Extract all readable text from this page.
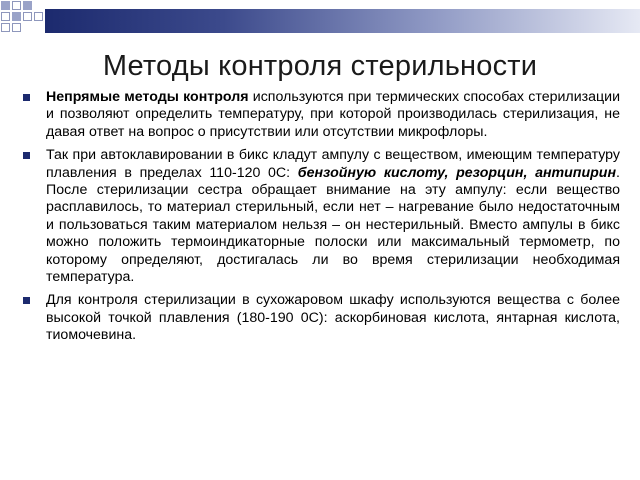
Методы контроля стерильности
Непрямые методы контроля используются при термических способах стерилизации и позволяют определить температуру, при которой производилась стерилизация, не давая ответ на вопрос о присутствии или отсутствии микрофлоры.
Так при автоклавировании в бикс кладут ампулу с веществом, имеющим температуру плавления в пределах 110-120 0С: бензойную кислоту, резорцин, антипирин. После стерилизации сестра обращает внимание на эту ампулу: если вещество расплавилось, то материал стерильный, если нет – нагревание было недостаточным и пользоваться таким материалом нельзя – он нестерильный. Вместо ампулы в бикс можно положить термоиндикаторные полоски или максимальный термометр, по которому определяют, достигалась ли во время стерилизации необходимая температура.
Для контроля стерилизации в сухожаровом шкафу используются вещества с более высокой точкой плавления (180-190 0С): аскорбиновая кислота, янтарная кислота, тиомочевина.
